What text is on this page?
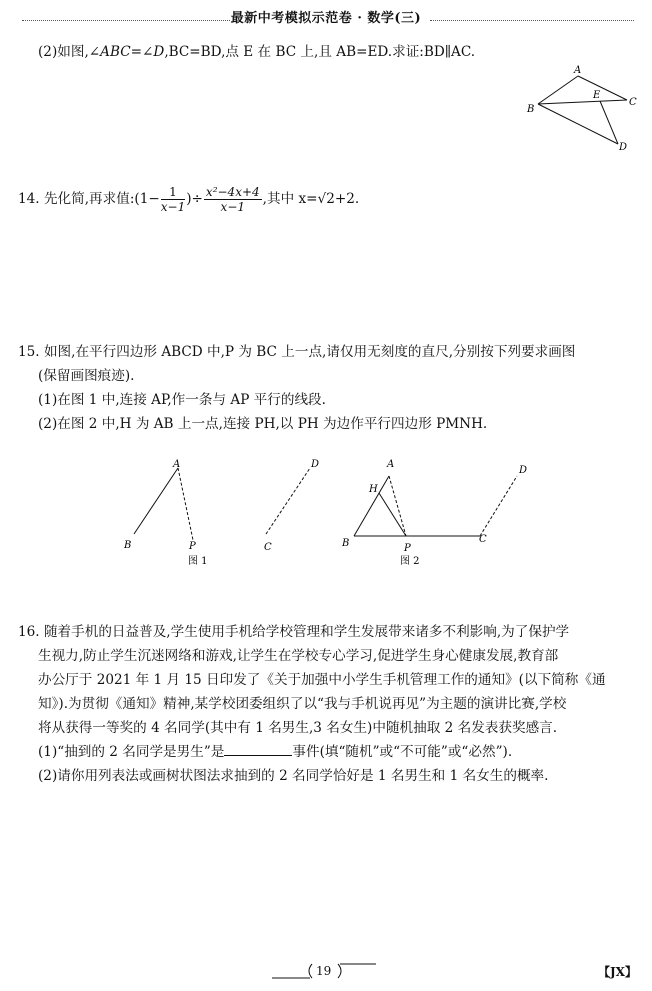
最新中考模拟示范卷 · 数学(三)
(2)如图,∠ABC=∠D,BC=BD,点 E 在 BC 上,且 AB=ED.求证:BD∥AC.
A
B
C
D
E
14. 先化简,再求值:(1− $\frac{1}{x-1}$ )÷ $\frac{\text{x²−4x+4}}{x-1}$ ,其中 x=√2+2.
15. 如图,在平行四边形 ABCD 中,P 为 BC 上一点,请仅用无刻度的直尺,分别按下列要求画图
(保留画图痕迹).
(1)在图 1 中,连接 AP,作一条与 AP 平行的线段.
(2)在图 2 中,H 为 AB 上一点,连接 PH,以 PH 为边作平行四边形 PMNH.
A
B	P	C
D
图 1
A
H
B	P
C
D
图 2
16. 随着手机的日益普及,学生使用手机给学校管理和学生发展带来诸多不利影响,为了保护学
生视力,防止学生沉迷网络和游戏,让学生在学校专心学习,促进学生身心健康发展,教育部
办公厅于 2021 年 1 月 15 日印发了《关于加强中小学生手机管理工作的通知》(以下简称《通
知》).为贯彻《通知》精神,某学校团委组织了以“我与手机说再见”为主题的演讲比赛,学校
将从获得一等奖的 4 名同学(其中有 1 名男生,3 名女生)中随机抽取 2 名发表获奖感言.
(1)“抽到的 2 名同学是男生”是	事件(填“随机”或“不可能”或“必然”).
(2)请你用列表法或画树状图法求抽到的 2 名同学恰好是 1 名男生和 1 名女生的概率.
19	【JX】
